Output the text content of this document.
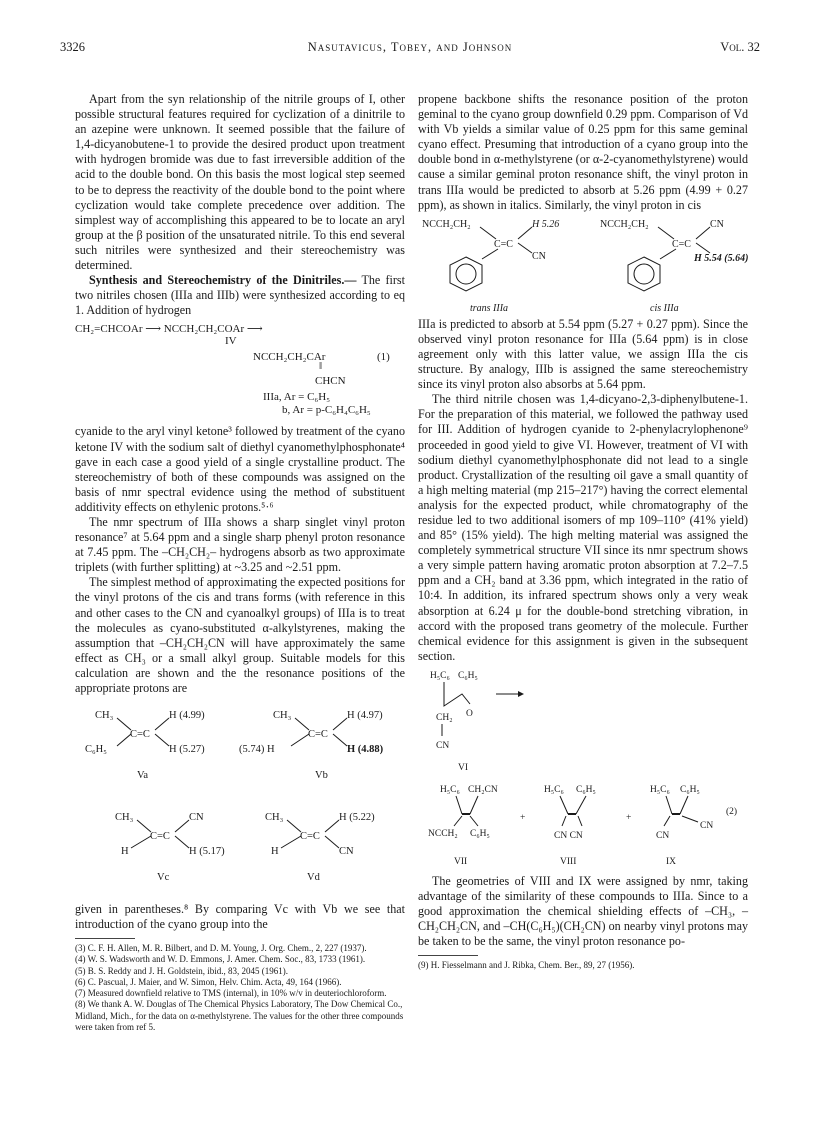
3326	Nasutavicus, Tobey, and Johnson	Vol. 32

Apart from the syn relationship of the nitrile groups of I, other possible structural features required for cyclization of a dinitrile to an azepine were unknown. It seemed possible that the failure of 1,4-dicyanobutene-1 to provide the desired product upon treatment with hydrogen bromide was due to fast irreversible addition of the acid to the double bond. On this basis the most logical step seemed to be to depress the reactivity of the double bond to the point where cyclization would take complete precedence over addition. The simplest way of accomplishing this appeared to be to locate an aryl group at the β position of the unsaturated nitrile. To this end several such nitriles were synthesized and their stereochemistry was determined.

Synthesis and Stereochemistry of the Dinitriles.— The first two nitriles chosen (IIIa and IIIb) were synthesized according to eq 1. Addition of hydrogen

CH₂=CHCOAr ⟶ NCCH₂CH₂COAr ⟶
IV
NCCH₂CH₂CAr	(1)
‖
CHCN
IIIa, Ar = C₆H₅
b, Ar = p-C₆H₄C₆H₅

cyanide to the aryl vinyl ketone³ followed by treatment of the cyano ketone IV with the sodium salt of diethyl cyanomethylphosphonate⁴ gave in each case a good yield of a single crystalline product. The stereochemistry of both of these compounds was assigned on the basis of nmr spectral evidence using the method of substituent additivity effects on ethylenic protons.⁵·⁶

The nmr spectrum of IIIa shows a sharp singlet vinyl proton resonance⁷ at 5.64 ppm and a single sharp phenyl proton resonance at 7.45 ppm. The –CH₂CH₂– hydrogens absorb as two approximate triplets (with further splitting) at ~3.25 and ~2.51 ppm.

The simplest method of approximating the expected positions for the vinyl protons of the cis and trans forms (with reference in this and other cases to the CN and cyanoalkyl groups) of IIIa is to treat the molecules as cyano-substituted α-alkylstyrenes, making the assumption that –CH₂CH₂CN will have approximately the same effect as CH₃ or a small alkyl group. Suitable models for this calculation are shown and the the resonance positions of the appropriate protons are

CH₃
C₆H₅
C=C
H (4.99)
H (5.27)
Va
CH₃
(5.74) H
C=C
H (4.97)
H (4.88)
Vb
CH₃
H
C=C
CN
H (5.17)
Vc
CH₃
H
C=C
H (5.22)
CN
Vd

given in parentheses.⁸ By comparing Vc with Vb we see that introduction of the cyano group into the

(3) C. F. H. Allen, M. R. Bilbert, and D. M. Young, J. Org. Chem., 2, 227 (1937).

(4) W. S. Wadsworth and W. D. Emmons, J. Amer. Chem. Soc., 83, 1733 (1961).

(5) B. S. Reddy and J. H. Goldstein, ibid., 83, 2045 (1961).

(6) C. Pascual, J. Maier, and W. Simon, Helv. Chim. Acta, 49, 164 (1966).

(7) Measured downfield relative to TMS (internal), in 10% w/v in deuteriochloroform.

(8) We thank A. W. Douglas of The Chemical Physics Laboratory, The Dow Chemical Co., Midland, Mich., for the data on α-methylstyrene. The values for the other three compounds were taken from ref 5.

propene backbone shifts the resonance position of the proton geminal to the cyano group downfield 0.29 ppm. Comparison of Vd with Vb yields a similar value of 0.25 ppm for this same geminal cyano effect. Presuming that introduction of a cyano group into the double bond in α-methylstyrene (or α-2-cyanomethylstyrene) would cause a similar geminal proton resonance shift, the vinyl proton in trans IIIa would be predicted to absorb at 5.26 ppm (4.99 + 0.27 ppm), as shown in italics. Similarly, the vinyl proton in cis

NCCH₂CH₂
C=C
H 5.26
CN
trans IIIa
NCCH₂CH₂
C=C
CN
H 5.54 (5.64)
cis IIIa

IIIa is predicted to absorb at 5.54 ppm (5.27 + 0.27 ppm). Since the observed vinyl proton resonance for IIIa (5.64 ppm) is in close agreement only with this latter value, we assign IIIa the cis structure. By analogy, IIIb is assigned the same stereochemistry since its vinyl proton also absorbs at 5.64 ppm.

The third nitrile chosen was 1,4-dicyano-2,3-diphenylbutene-1. For the preparation of this material, we followed the pathway used for III. Addition of hydrogen cyanide to 2-phenylacrylophenone⁹ proceeded in good yield to give VI. However, treatment of VI with sodium diethyl cyanomethylphosphonate did not lead to a single product. Crystallization of the resulting oil gave a small quantity of a high melting material (mp 215–217°) having the correct elemental analysis for the expected product, while chromatography of the residue led to two additional isomers of mp 109–110° (41% yield) and 85° (15% yield). The high melting material was assigned the completely symmetrical structure VII since its nmr spectrum shows a very simple pattern having aromatic proton absorption at 7.2–7.5 ppm and a CH₂ band at 3.36 ppm, which integrated in the ratio of 10:4. In addition, its infrared spectrum shows only a very weak absorption at 6.24 μ for the double-bond stretching vibration, in accord with the proposed trans geometry of the molecule. Further chemical evidence for this assignment is given in the subsequent section.

H₅C₆ C₆H₅
CH₂ O
CN
VI
H₅C₆ CH₂CN
NCCH₂ C₆H₅
VII
+
H₅C₆ C₆H₅
CN CN
VIII
+
H₅C₆ C₆H₅
CN
CN
(2)
IX

The geometries of VIII and IX were assigned by nmr, taking advantage of the similarity of these compounds to IIIa. Since to a good approximation the chemical shielding effects of –CH₃, –CH₂CH₂CN, and –CH(C₆H₅)(CH₂CN) on nearby vinyl protons may be taken to be the same, the vinyl proton resonance po-

(9) H. Fiesselmann and J. Ribka, Chem. Ber., 89, 27 (1956).
